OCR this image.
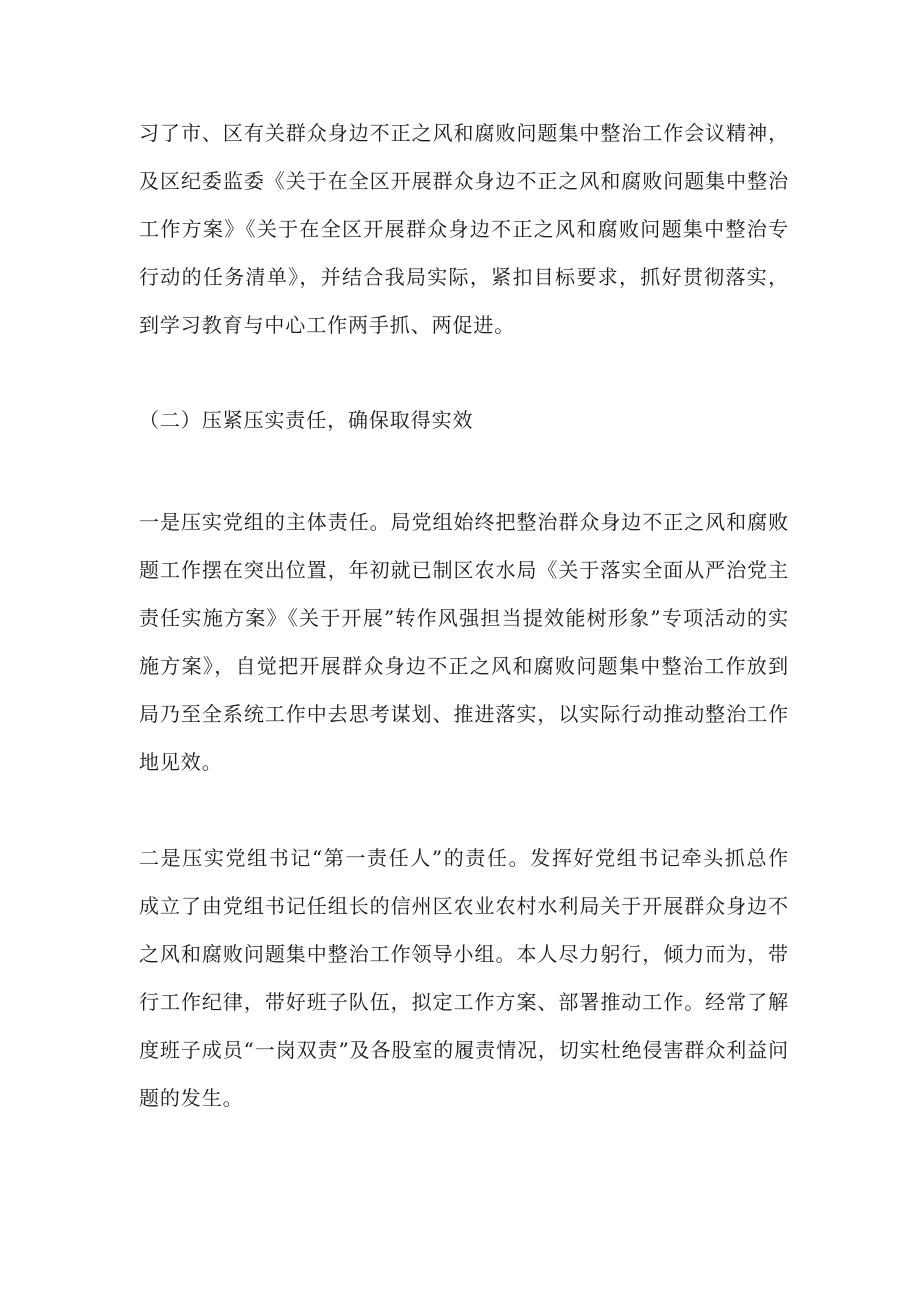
习了市、区有关群众身边不正之风和腐败问题集中整治工作会议精神，
及区纪委监委《关于在全区开展群众身边不正之风和腐败问题集中整治
工作方案》《关于在全区开展群众身边不正之风和腐败问题集中整治专
行动的任务清单》，并结合我局实际，紧扣目标要求，抓好贯彻落实，
到学习教育与中心工作两手抓、两促进。
（二）压紧压实责任，确保取得实效
一是压实党组的主体责任。局党组始终把整治群众身边不正之风和腐败
题工作摆在突出位置，年初就已制区农水局《关于落实全面从严治党主
责任实施方案》《关于开展”转作风强担当提效能树形象”专项活动的实
施方案》，自觉把开展群众身边不正之风和腐败问题集中整治工作放到
局乃至全系统工作中去思考谋划、推进落实，以实际行动推动整治工作
地见效。
二是压实党组书记“第一责任人”的责任。发挥好党组书记牵头抓总作
成立了由党组书记任组长的信州区农业农村水利局关于开展群众身边不
之风和腐败问题集中整治工作领导小组。本人尽力躬行，倾力而为，带
行工作纪律，带好班子队伍，拟定工作方案、部署推动工作。经常了解
度班子成员“一岗双责”及各股室的履责情况，切实杜绝侵害群众利益问
题的发生。
